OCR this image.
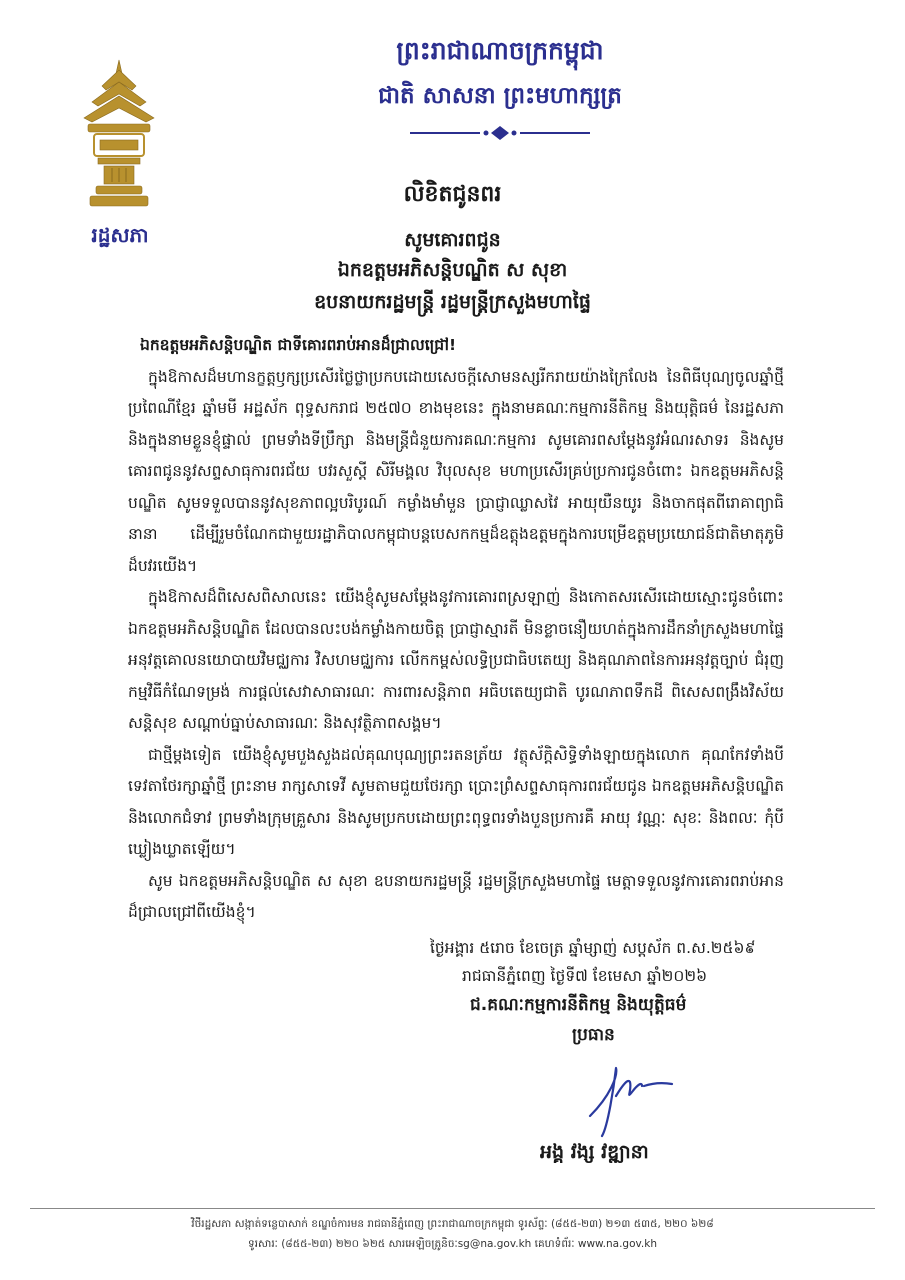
រដ្ឋសភា
ព្រះរាជាណាចក្រកម្ពុជា
ជាតិ សាសនា ព្រះមហាក្សត្រ
លិខិតជូនពរ
សូមគោរពជូន
ឯកឧត្តមអភិសន្តិបណ្ឌិត ស សុខា
ឧបនាយករដ្ឋមន្ត្រី រដ្ឋមន្ត្រីក្រសួងមហាផ្ទៃ
ឯកឧត្តមអភិសន្តិបណ្ឌិត ជាទីគោរពរាប់អានដ៏ជ្រាលជ្រៅ!

ក្នុងឱកាសដ៏មហានក្ខត្តឫក្សប្រសើរថ្លៃថ្លាប្រកបដោយសេចក្តីសោមនស្សរីករាយយ៉ាងក្រៃលែង នៃពិធីបុណ្យចូលឆ្នាំថ្មី ប្រពៃណីខ្មែរ ឆ្នាំមមី អដ្ឋស័ក ពុទ្ធសករាជ ២៥៧០ ខាងមុខនេះ ក្នុងនាមគណៈកម្មការនីតិកម្ម និងយុត្តិធម៌ នៃរដ្ឋសភា និងក្នុងនាមខ្លួនខ្ញុំផ្ទាល់ ព្រមទាំងទីប្រឹក្សា និងមន្ត្រីជំនួយការគណៈកម្មការ សូមគោរពសម្តែងនូវអំណរសាទរ និងសូមគោរពជូននូវសព្ទសាធុការពរជ័យ បវរសួស្តី សិរីមង្គល វិបុលសុខ មហាប្រសើរគ្រប់ប្រការជូនចំពោះ ឯកឧត្តមអភិសន្តិបណ្ឌិត សូមទទួលបាននូវសុខភាពល្អបរិបូរណ៍ កម្លាំងមាំមួន ប្រាជ្ញាឈ្លាសវៃ អាយុយឺនយូរ និងចាកផុតពីរោគាព្យាធិនានា ដើម្បីរួមចំណែកជាមួយរដ្ឋាភិបាលកម្ពុជាបន្តបេសកកម្មដ៏ឧត្តុងឧត្តមក្នុងការបម្រើឧត្តមប្រយោជន៍ជាតិមាតុភូមិដ៏បវរយើង។

ក្នុងឱកាសដ៏ពិសេសពិសាលនេះ យើងខ្ញុំសូមសម្តែងនូវការគោរពស្រឡាញ់ និងកោតសរសើរដោយស្មោះជូនចំពោះ ឯកឧត្តមអភិសន្តិបណ្ឌិត ដែលបានលះបង់កម្លាំងកាយចិត្ត ប្រាជ្ញាស្មារតី មិនខ្លាចនឿយហត់ក្នុងការដឹកនាំក្រសួងមហាផ្ទៃអនុវត្តគោលនយោបាយវិមជ្ឈការ វិសហមជ្ឈការ លើកកម្ពស់លទ្ធិប្រជាធិបតេយ្យ និងគុណភាពនៃការអនុវត្តច្បាប់ ជំរុញកម្មវិធីកំណែទម្រង់ ការផ្តល់សេវាសាធារណៈ ការពារសន្តិភាព អធិបតេយ្យជាតិ បូរណភាពទឹកដី ពិសេសពង្រឹងវិស័យសន្តិសុខ សណ្តាប់ធ្នាប់សាធារណៈ និងសុវត្ថិភាពសង្គម។

ជាថ្មីម្តងទៀត យើងខ្ញុំសូមបួងសួងដល់គុណបុណ្យព្រះរតនត្រ័យ វត្ថុស័ក្តិសិទ្ធិទាំងឡាយក្នុងលោក គុណកែវទាំងបី ទេវតាថែរក្សាឆ្នាំថ្មី ព្រះនាម រាក្សសាទេវី សូមតាមជួយថែរក្សា ប្រោះព្រំសព្ទសាធុការពរជ័យជូន ឯកឧត្តមអភិសន្តិបណ្ឌិត និងលោកជំទាវ ព្រមទាំងក្រុមគ្រួសារ និងសូមប្រកបដោយព្រះពុទ្ធពរទាំងបួនប្រការគឺ អាយុ វណ្ណៈ សុខៈ និងពលៈ កុំបីឃ្លៀងឃ្លាតឡើយ។

សូម ឯកឧត្តមអភិសន្តិបណ្ឌិត ស សុខា ឧបនាយករដ្ឋមន្ត្រី រដ្ឋមន្ត្រីក្រសួងមហាផ្ទៃ មេត្តាទទួលនូវការគោរពរាប់អានដ៏ជ្រាលជ្រៅពីយើងខ្ញុំ។

ថ្ងៃអង្គារ ៥រោច ខែចេត្រ ឆ្នាំម្សាញ់ សប្តស័ក ព.ស.២៥៦៩
រាជធានីភ្នំពេញ ថ្ងៃទី៧ ខែមេសា ឆ្នាំ២០២៦
ជ.គណៈកម្មការនីតិកម្ម និងយុត្តិធម៌
ប្រធាន
អង្គ វង្ស វឌ្ឍានា
វិថីរដ្ឋសភា សង្កាត់ទន្លេបាសាក់ ខណ្ឌចំការមន រាជធានីភ្នំពេញ ព្រះរាជាណាចក្រកម្ពុជា ទូរស័ព្ទៈ (៨៥៥-២៣) ២១៣ ៥៣៥, ២២០ ៦២៨
ទូរសារៈ (៨៥៥-២៣) ២២០ ៦២៥ សារអេឡិចត្រូនិចៈsg@na.gov.kh គេហទំព័រៈ www.na.gov.kh
